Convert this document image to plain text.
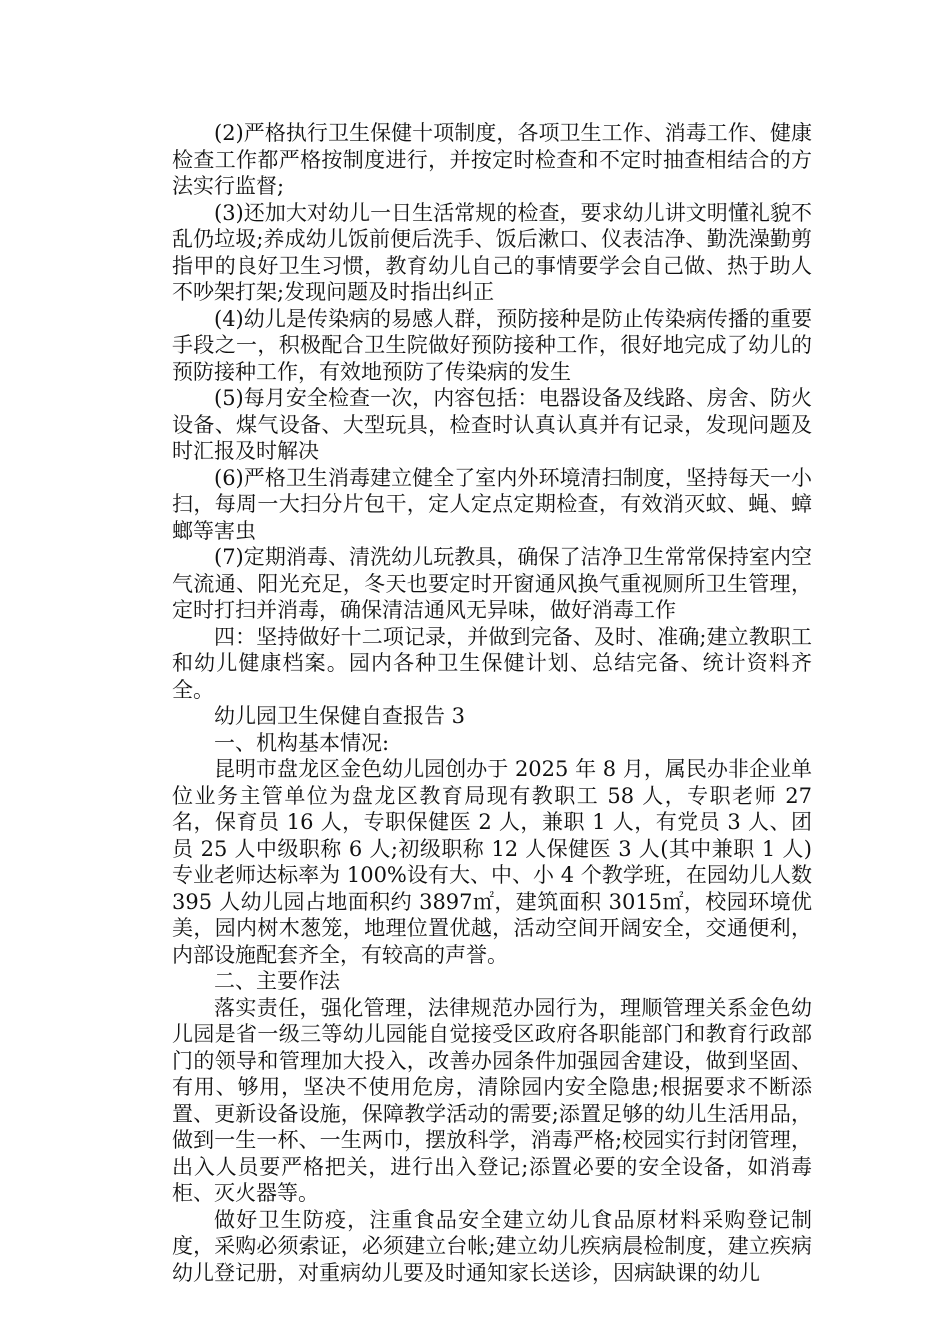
(2)严格执行卫生保健十项制度，各项卫生工作、消毒工作、健康检查工作都严格按制度进行，并按定时检查和不定时抽查相结合的方法实行监督;

(3)还加大对幼儿一日生活常规的检查，要求幼儿讲文明懂礼貌不乱仍垃圾;养成幼儿饭前便后洗手、饭后漱口、仪表洁净、勤洗澡勤剪指甲的良好卫生习惯，教育幼儿自己的事情要学会自己做、热于助人不吵架打架;发现问题及时指出纠正

(4)幼儿是传染病的易感人群，预防接种是防止传染病传播的重要手段之一，积极配合卫生院做好预防接种工作，很好地完成了幼儿的预防接种工作，有效地预防了传染病的发生

(5)每月安全检查一次，内容包括：电器设备及线路、房舍、防火设备、煤气设备、大型玩具，检查时认真认真并有记录，发现问题及时汇报及时解决

(6)严格卫生消毒建立健全了室内外环境清扫制度，坚持每天一小扫，每周一大扫分片包干，定人定点定期检查，有效消灭蚊、蝇、蟑螂等害虫

(7)定期消毒、清洗幼儿玩教具，确保了洁净卫生常常保持室内空气流通、阳光充足，冬天也要定时开窗通风换气重视厕所卫生管理，定时打扫并消毒，确保清洁通风无异味，做好消毒工作

四：坚持做好十二项记录，并做到完备、及时、准确;建立教职工和幼儿健康档案。园内各种卫生保健计划、总结完备、统计资料齐全。

幼儿园卫生保健自查报告 3

一、机构基本情况:

昆明市盘龙区金色幼儿园创办于 2025 年 8 月，属民办非企业单位业务主管单位为盘龙区教育局现有教职工 58 人，专职老师 27 名，保育员 16 人，专职保健医 2 人，兼职 1 人，有党员 3 人、团员 25 人中级职称 6 人;初级职称 12 人保健医 3 人(其中兼职 1 人)专业老师达标率为 100%设有大、中、小 4 个教学班，在园幼儿人数 395 人幼儿园占地面积约 3897㎡，建筑面积 3015㎡，校园环境优美，园内树木葱笼，地理位置优越，活动空间开阔安全，交通便利，内部设施配套齐全，有较高的声誉。

二、主要作法

落实责任，强化管理，法律规范办园行为，理顺管理关系金色幼儿园是省一级三等幼儿园能自觉接受区政府各职能部门和教育行政部门的领导和管理加大投入，改善办园条件加强园舍建设，做到坚固、有用、够用，坚决不使用危房，清除园内安全隐患;根据要求不断添置、更新设备设施，保障教学活动的需要;添置足够的幼儿生活用品，做到一生一杯、一生两巾，摆放科学，消毒严格;校园实行封闭管理，出入人员要严格把关，进行出入登记;添置必要的安全设备，如消毒柜、灭火器等。

做好卫生防疫，注重食品安全建立幼儿食品原材料采购登记制度，采购必须索证，必须建立台帐;建立幼儿疾病晨检制度，建立疾病幼儿登记册，对重病幼儿要及时通知家长送诊，因病缺课的幼儿
